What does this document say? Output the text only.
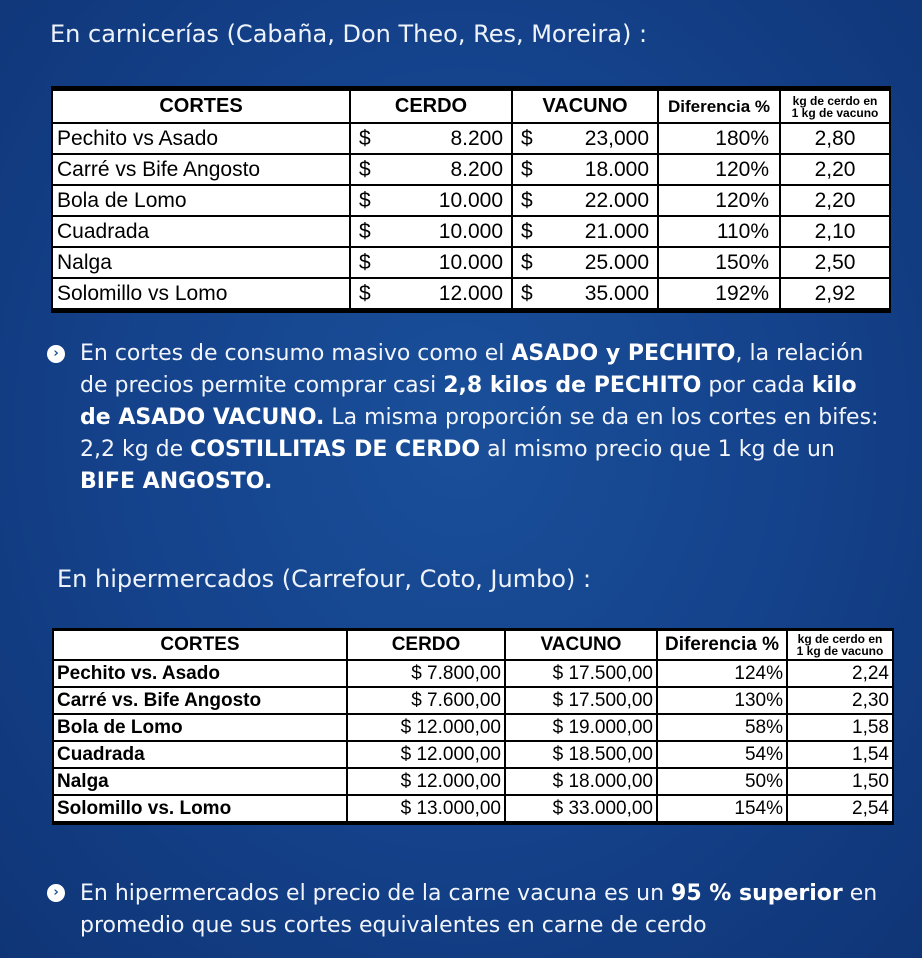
En carnicerías (Cabaña, Don Theo, Res, Moreira) :
CORTES	CERDO		VACUNO		Diferencia %	kg de cerdo en
1 kg de vacuno

Pechito vs Asado	$	8.200	$	23,000	180%	2,80
Carré vs Bife Angosto	$	8.200	$	18.000	120%	2,20
Bola de Lomo	$	10.000	$	22.000	120%	2,20
Cuadrada	$	10.000	$	21.000	110%	2,10
Nalga	$	10.000	$	25.000	150%	2,50
Solomillo vs Lomo	$	12.000	$	35.000	192%	2,92
› En cortes de consumo masivo como el ASADO y PECHITO, la relación de precios permite comprar casi 2,8 kilos de PECHITO por cada kilo de ASADO VACUNO. La misma proporción se da en los cortes en bifes: 2,2 kg de COSTILLITAS DE CERDO al mismo precio que 1 kg de un BIFE ANGOSTO.
En hipermercados (Carrefour, Coto, Jumbo) :
CORTES	CERDO	VACUNO	Diferencia %	kg de cerdo en
1 kg de vacuno

Pechito vs. Asado	$ 7.800,00	$ 17.500,00	124%	2,24
Carré vs. Bife Angosto	$ 7.600,00	$ 17.500,00	130%	2,30
Bola de Lomo	$ 12.000,00	$ 19.000,00	58%	1,58
Cuadrada	$ 12.000,00	$ 18.500,00	54%	1,54
Nalga	$ 12.000,00	$ 18.000,00	50%	1,50
Solomillo vs. Lomo	$ 13.000,00	$ 33.000,00	154%	2,54
› En hipermercados el precio de la carne vacuna es un 95 % superior en promedio que sus cortes equivalentes en carne de cerdo
